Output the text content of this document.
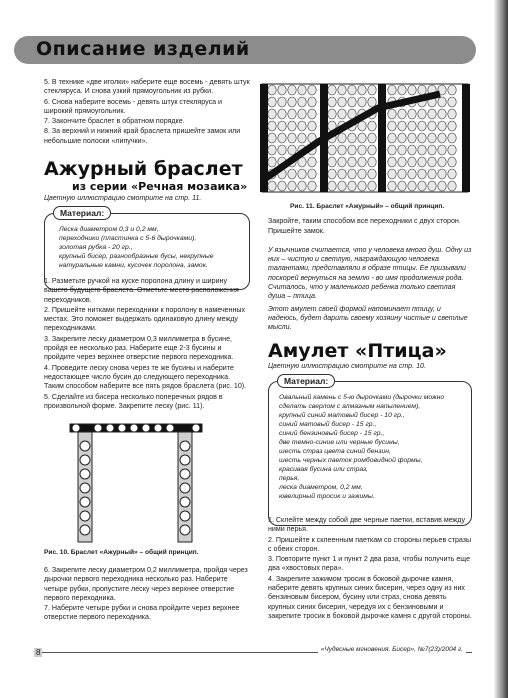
Описание изделий

5. В технике «две иголки» наберите еще восемь - девять штук стекляруса. И снова узкий прямоугольник из рубки.

6. Снова наберите восемь - девять штук стекляруса и широкий прямоугольник.

7. Закончите браслет в обратном порядке.

8. За верхний и нижний край браслета пришейте замок или небольшие полоски «липучки».

Ажурный браслет
из серии «Речная мозаика»
Цветную иллюстрацию смотрите на стр. 11.
Материал:
Леска диаметром 0,3 и 0,2 мм,
переходники (пластинка с 5-6 дырочками),
золотая рубка - 20 гр.,
крупный бисер, разнообразные бусы, некрупные натуральные камни, кусочек поролона, замок.

1. Разметьте ручкой на куске поролона длину и ширину вашего будущего браслета. Отметьте место расположения переходников.

2. Пришейте нитками переходники к поролону в намеченных местах. Это поможет выдержать одинаковую длину между переходниками.

3. Закрепите леску диаметром 0,3 миллиметра в бусине, пройдя ее несколько раз. Наберите еще 2-3 бусины и пройдите через верхнее отверстие первого переходника.

4. Проведите леску снова через те же бусины и наберите недостающее число бусин до следующего переходника. Таким способом наберите все пять рядов браслета (рис. 10).

5. Сделайте из бисера несколько поперечных рядов в произвольной форме. Закрепите леску (рис. 11).

Рис. 10. Браслет «Ажурный» – общий принцип.

6. Закрепите леску диаметром 0,2 миллиметра, пройдя через дырочки первого переходника несколько раз. Наберите четыре рубки, пропустите леску через верхнее отверстие первого переходника.

7. Наберите четыре рубки и снова пройдите через верхнее отверстие первого переходника.

Рис. 11. Браслет «Ажурный» – общий принцип.

Закройте, таким способом все переходники с двух сторон. Пришейте замок.

У язычников считается, что у человека много душ. Одну из них – чистую и светлую, награждающую человека талантами, представляли в образе птицы. Ее призывали поскорей вернуться на землю - во имя продолжения рода. Считалось, что у маленького ребенка только светлая душа – птица.

Этот амулет своей формой напоминает птицу, и надеюсь, будет дарить своему хозяину чистые и светлые мысли.

Амулет «Птица»
Цветную иллюстрацию смотрите на стр. 10.
Материал:
Овальный камень с 5-ю дырочками (дырочки можно сделать сверлом с алмазным напылением),
крупный синий матовый бисер - 10 гр.,
синий матовый бисер - 15 гр.,
синий бензиновый бисер - 15 гр.,
две темно-синие или черные бусины,
шесть страз цвета синий бензин,
шесть черных паеток ромбовидной формы,
красивая бусина или страз,
перья,
леска диаметром, 0,2 мм,
ювелирный тросик и зажимы.

1. Склейте между собой две черные паетки, вставив между ними перья.

2. Пришейте к склеенным паеткам со стороны перьев стразы с обеих сторон.

3. Повторите пункт 1 и пункт 2 два раза, чтобы получить еще два «хвостовых пера».

4. Закрепите зажимом тросик в боковой дырочке камня, наберите девять крупных синих бисерин, через одну из них бензиновым бисером, бусину или страз, снова девять крупных синих бисерин, чередуя их с бензиновыми и закрепите тросик в боковой дырочке камня с другой стороны.

8	«Чудесные мгновения. Бисер», №7(23)/2004 г.
